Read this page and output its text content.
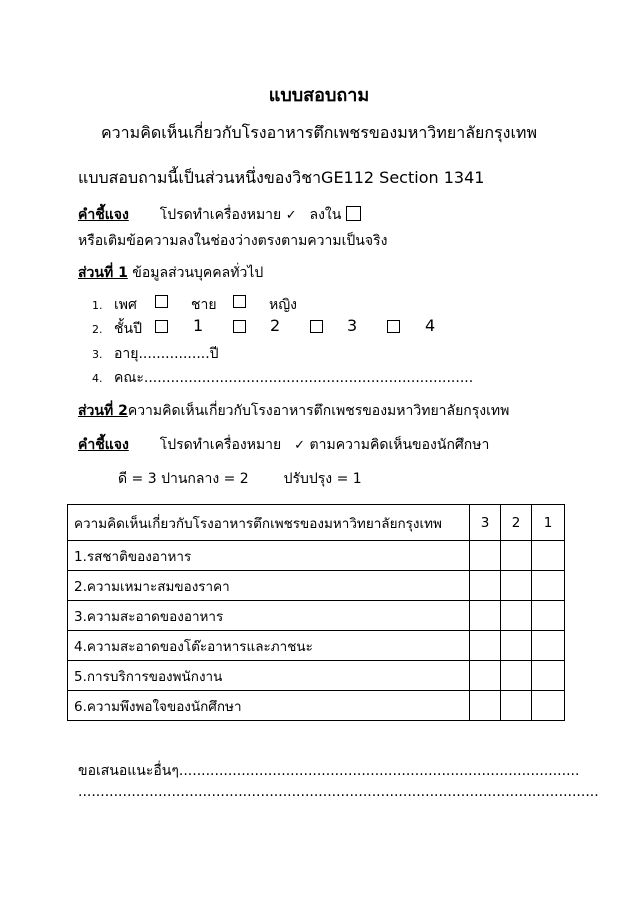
แบบสอบถาม
ความคิดเห็นเกี่ยวกับโรงอาหารตึกเพชรของมหาวิทยาลัยกรุงเทพ
แบบสอบถามนี้เป็นส่วนหนึ่งของวิชาGE112 Section 1341
คำชี้แจง โปรดทำเครื่องหมาย ✓ ลงใน
หรือเติมข้อความลงในช่องว่างตรงตามความเป็นจริง
ส่วนที่ 1 ข้อมูลส่วนบุคคลทั่วไป
1. เพศ	ชาย	หญิง
2. ชั้นปี	1	2	3	4
3. อายุ................ปี
4. คณะ..........................................................................
ส่วนที่ 2ความคิดเห็นเกี่ยวกับโรงอาหารตึกเพชรของมหาวิทยาลัยกรุงเทพ
คำชี้แจง โปรดทำเครื่องหมาย ✓ ตามความคิดเห็นของนักศึกษา
ดี = 3 ปานกลาง = 2 ปรับปรุง = 1
ความคิดเห็นเกี่ยวกับโรงอาหารตึกเพชรของมหาวิทยาลัยกรุงเทพ	3	2	1
1.รสชาติของอาหาร			
2.ความเหมาะสมของราคา			
3.ความสะอาดของอาหาร			
4.ความสะอาดของโต๊ะอาหารและภาชนะ			
5.การบริการของพนักงาน			
6.ความพึงพอใจของนักศึกษา			
ขอเสนอแนะอื่นๆ..........................................................................................
.....................................................................................................................
